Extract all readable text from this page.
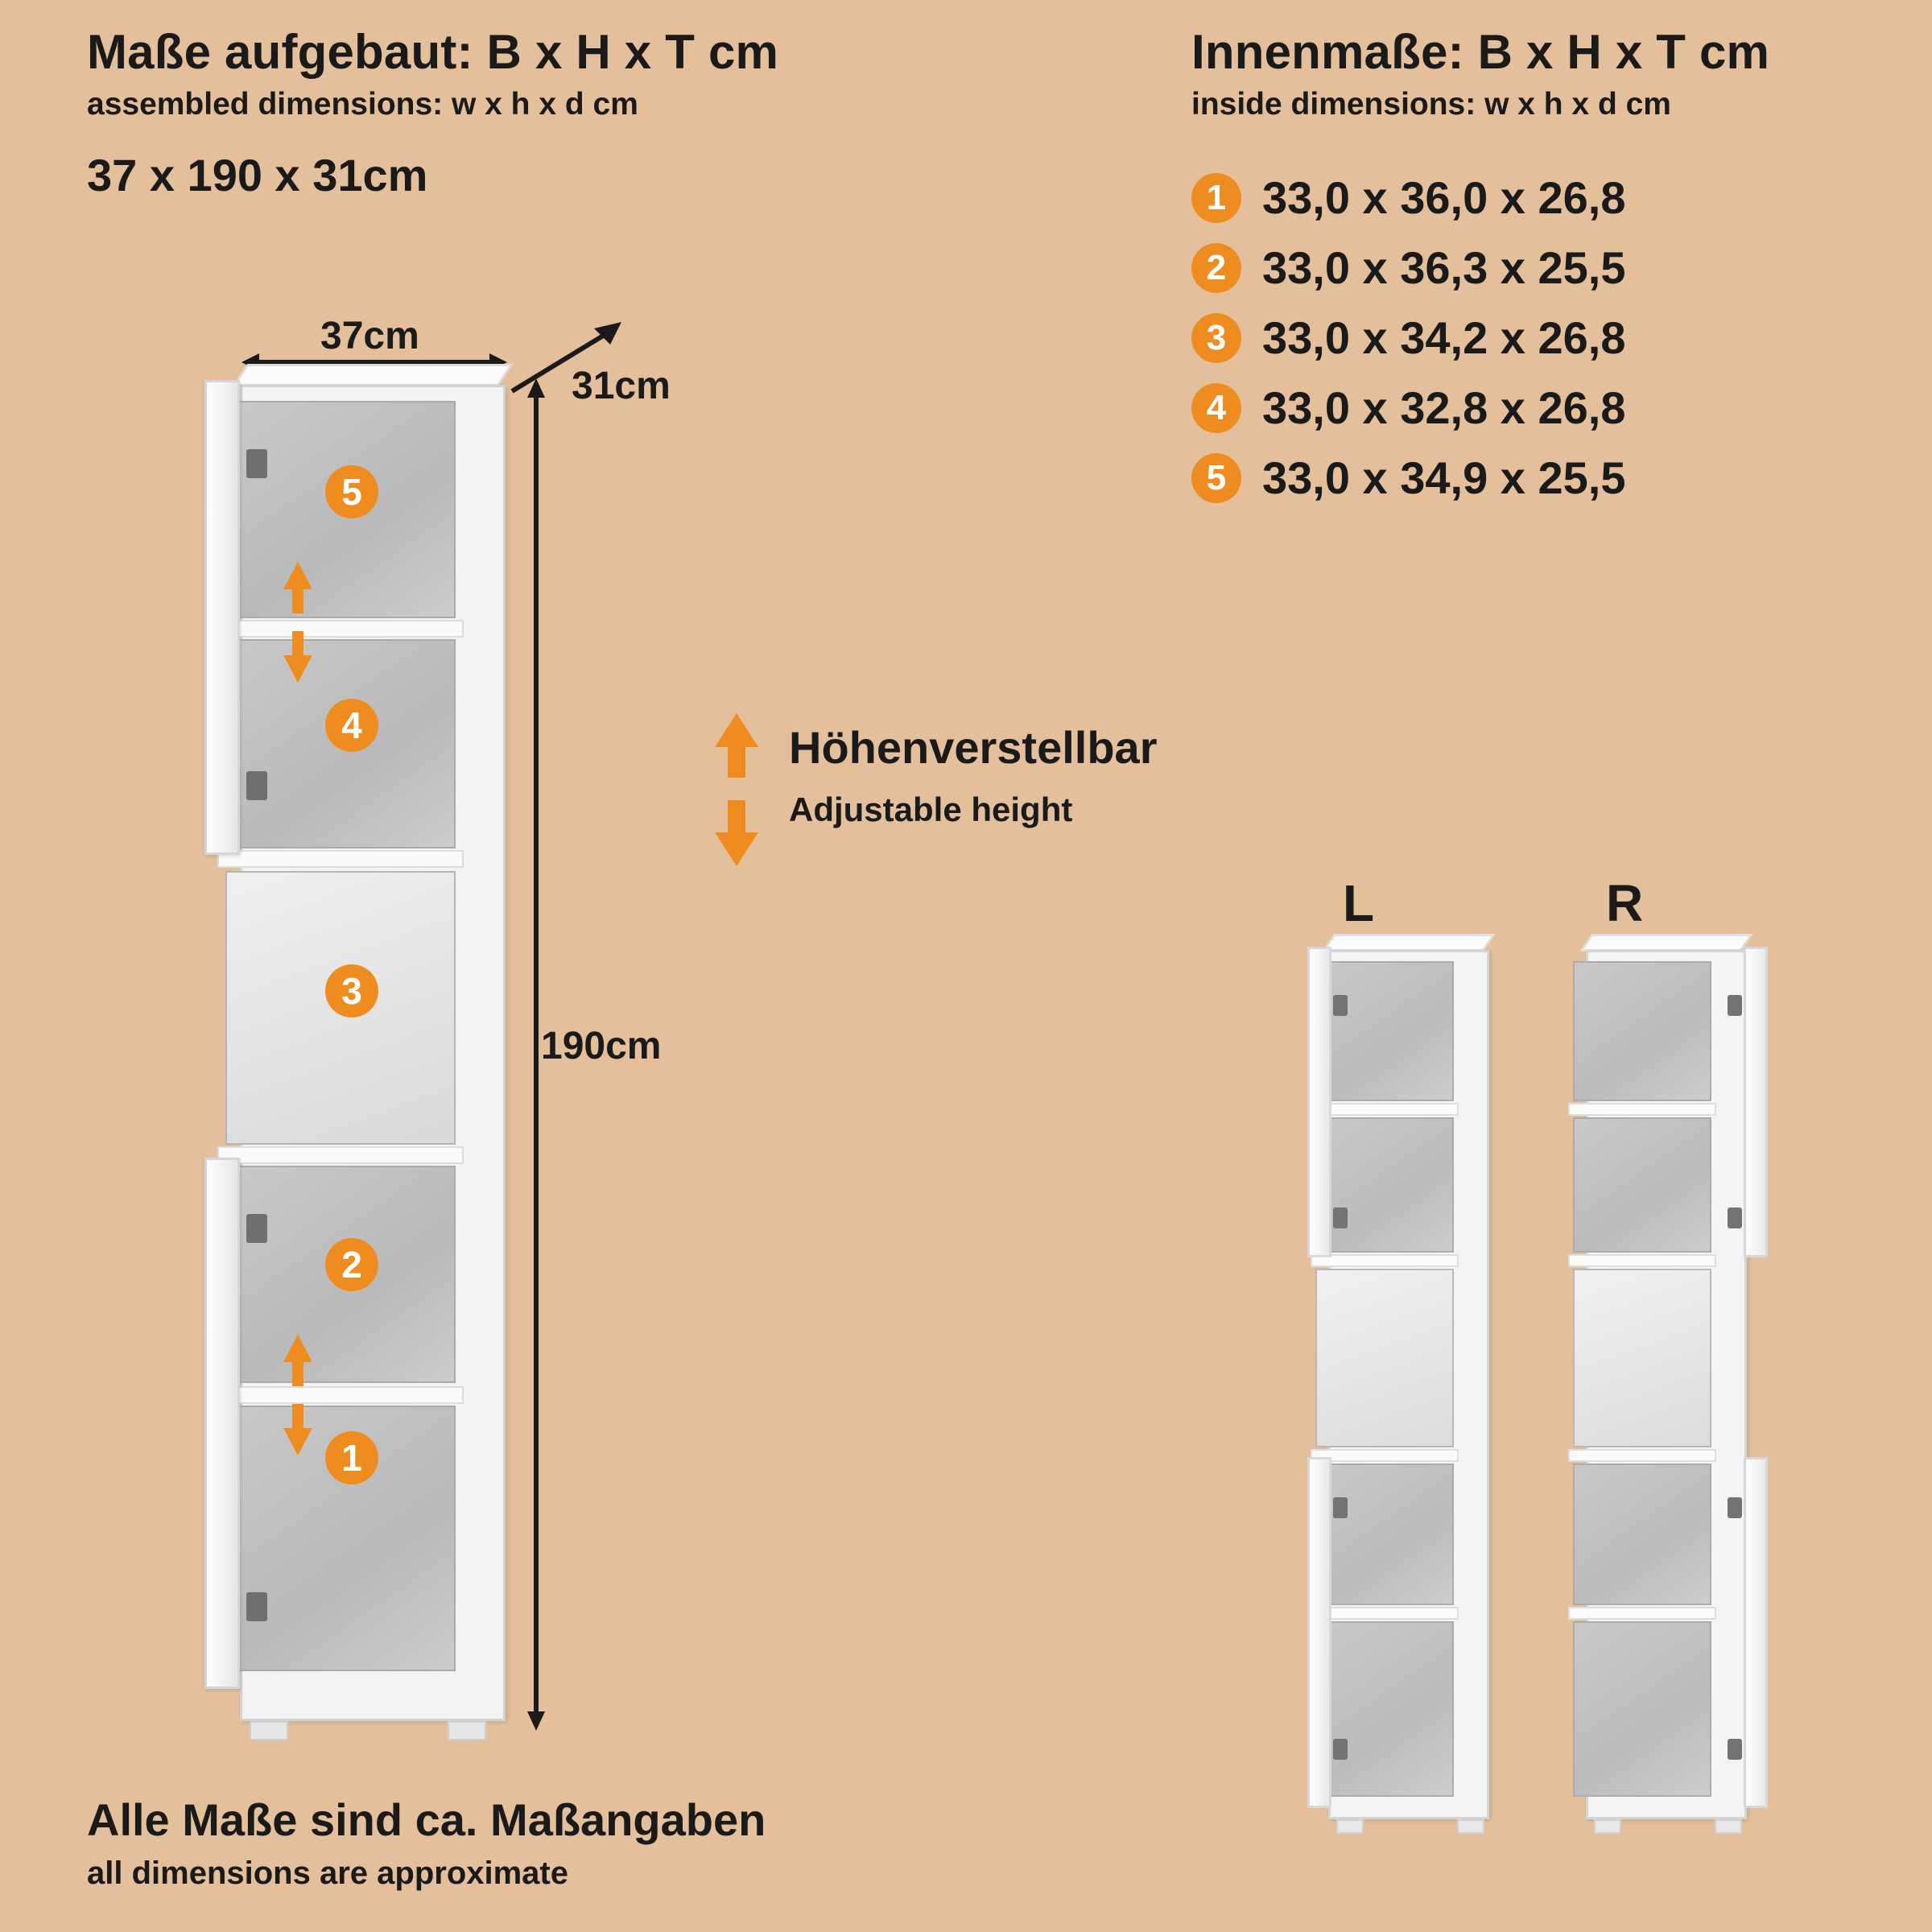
Maße aufgebaut: B x H x T cm
assembled dimensions: w x h x d cm
37 x 190 x 31cm
Innenmaße: B x H x T cm
inside dimensions: w x h x d cm
1 33,0 x 36,0 x 26,8
2 33,0 x 36,3 x 25,5
3 33,0 x 34,2 x 26,8
4 33,0 x 32,8 x 26,8
5 33,0 x 34,9 x 25,5
37cm
31cm
190cm
5
4
3
2
1
Höhenverstellbar
Adjustable height
L	R
Alle Maße sind ca. Maßangaben
all dimensions are approximate
